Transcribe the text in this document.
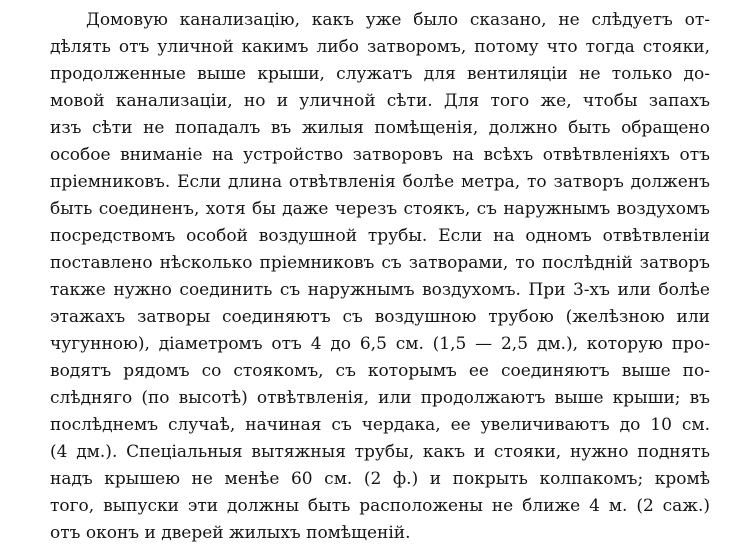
Домовую канализацію, какъ уже было сказано, не слѣдуетъ от-
дѣлять отъ уличной какимъ либо затворомъ, потому что тогда стояки,
продолженные выше крыши, служатъ для вентиляціи не только до-
мовой канализаціи, но и уличной сѣти. Для того же, чтобы запахъ
изъ сѣти не попадалъ въ жилыя помѣщенія, должно быть обращено
особое вниманіе на устройство затворовъ на всѣхъ отвѣтвленіяхъ отъ
пріемниковъ. Если длина отвѣтвленія болѣе метра, то затворъ долженъ
быть соединенъ, хотя бы даже черезъ стоякъ, съ наружнымъ воздухомъ
посредствомъ особой воздушной трубы. Если на одномъ отвѣтвленіи
поставлено нѣсколько пріемниковъ съ затворами, то послѣдній затворъ
также нужно соединить съ наружнымъ воздухомъ. При 3-хъ или болѣе
этажахъ затворы соединяютъ съ воздушною трубою (желѣзною или
чугунною), діаметромъ отъ 4 до 6,5 см. (1,5 — 2,5 дм.), которую про-
водятъ рядомъ со стоякомъ, съ которымъ ее соединяютъ выше по-
слѣдняго (по высотѣ) отвѣтвленія, или продолжаютъ выше крыши; въ
послѣднемъ случаѣ, начиная съ чердака, ее увеличиваютъ до 10 см.
(4 дм.). Спеціальныя вытяжныя трубы, какъ и стояки, нужно поднять
надъ крышею не менѣе 60 см. (2 ф.) и покрыть колпакомъ; кромѣ
того, выпуски эти должны быть расположены не ближе 4 м. (2 саж.)
отъ оконъ и дверей жилыхъ помѣщеній.
